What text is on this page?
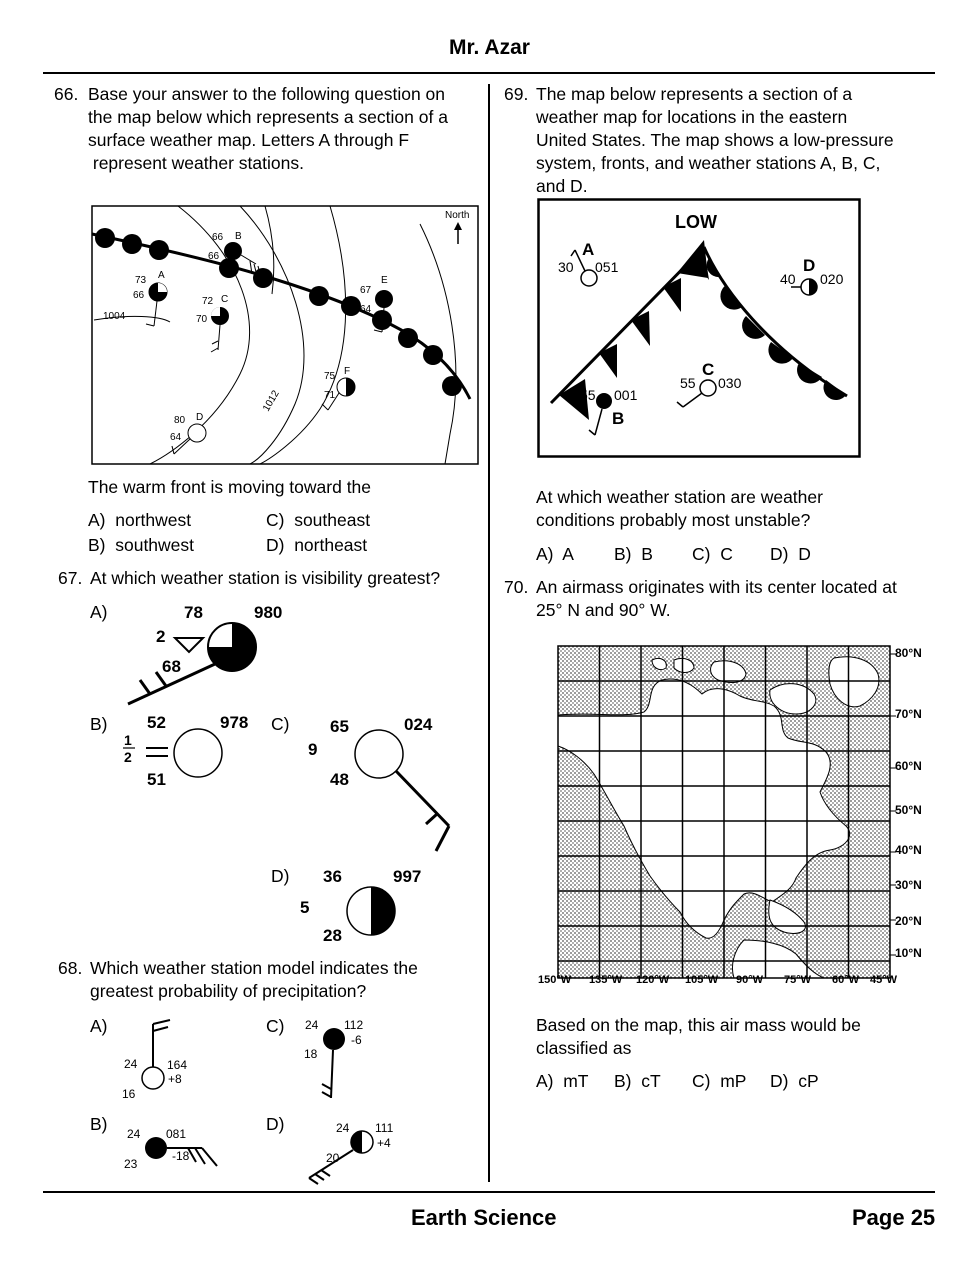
Mr. Azar
Earth Science	Page 25
66. Base your answer to the following question on
the map below which represents a section of a
surface weather map. Letters A through F
represent weather stations.
North
1004
1012
73 A
66
66 B
66
72 C
70
80 D
64
67
E
64
75 F
71
The warm front is moving toward the
A)  northwest	C)  southeast
B)  southwest	D)  northeast
67. At which weather station is visibility greatest?
A)	78	980
2
68
B)
1
2
52	978
51
C) 65	024
9
48
D) 36	997
5
28
68. Which weather station model indicates the
greatest probability of precipitation?
A)
24 164
+8
16
C) 24 112
-6
18
B) 24 081
-18
23
D)	24 111
+4
20
69. The map below represents a section of a
weather map for locations in the eastern
United States. The map shows a low-pressure
system, fronts, and weather stations A, B, C,
and D.
LOW
A
30 051
55 001
B
55 030
C
40 020
D
At which weather station are weather
conditions probably most unstable?
A)  A B)  B C)  C D)  D
70. An airmass originates with its center located at
25° N and 90° W.
80°N
70°N
60°N
50°N
40°N
30°N
20°N
10°N
150°W 135°W 120°W 105°W 90°W 75°W 60°W 45°W
Based on the map, this air mass would be
classified as
A)  mT B)  cT C)  mP D)  cP
